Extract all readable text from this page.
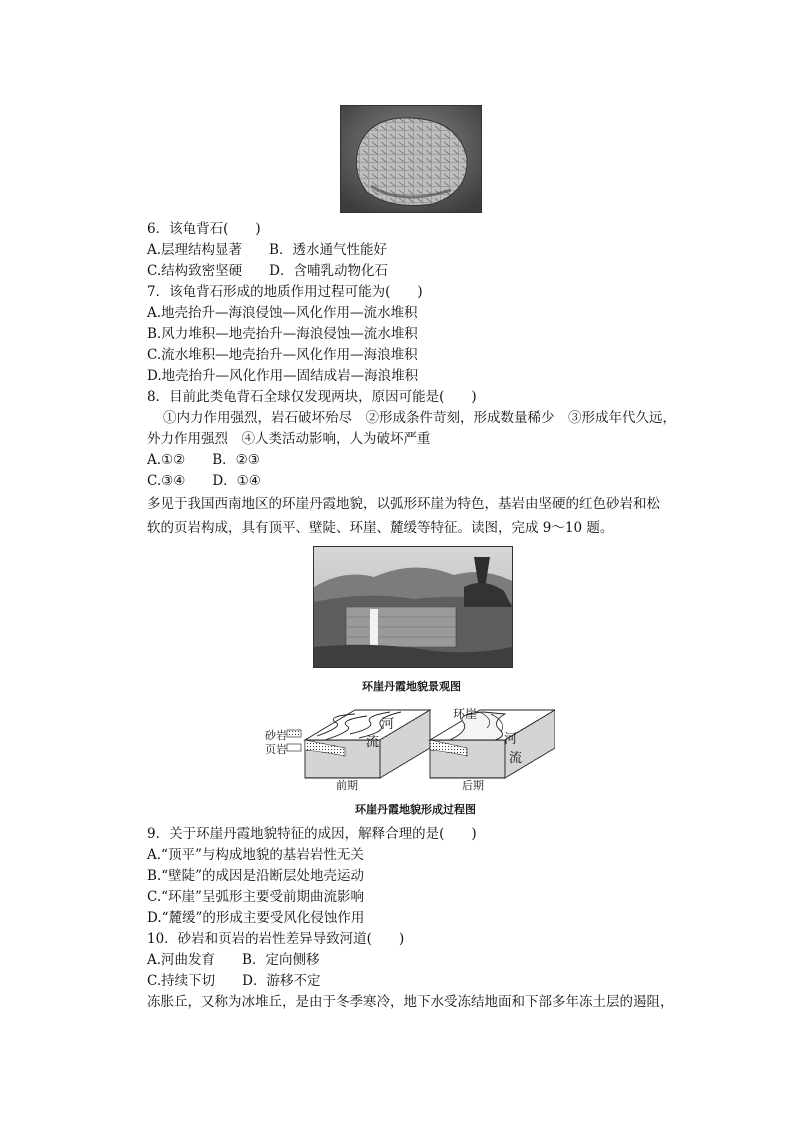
6．该龟背石(　　)
A.层理结构显著　　B．透水通气性能好
C.结构致密坚硬　　D．含哺乳动物化石
7．该龟背石形成的地质作用过程可能为(　　)
A.地壳抬升—海浪侵蚀—风化作用—流水堆积
B.风力堆积—地壳抬升—海浪侵蚀—流水堆积
C.流水堆积—地壳抬升—风化作用—海浪堆积
D.地壳抬升—风化作用—固结成岩—海浪堆积
8．目前此类龟背石全球仅发现两块，原因可能是(　　)
①内力作用强烈，岩石破坏殆尽　②形成条件苛刻，形成数量稀少　③形成年代久远，
外力作用强烈　④人类活动影响，人为破坏严重
A.①②　　B．②③
C.③④　　D．①④
多见于我国西南地区的环崖丹霞地貌，以弧形环崖为特色，基岩由坚硬的红色砂岩和松
软的页岩构成，具有顶平、壁陡、环崖、麓缓等特征。读图，完成 9～10 题。
环崖丹霞地貌景观图
砂岩
页岩
河
流
前期
环崖
河
流
后期
环崖丹霞地貌形成过程图
9．关于环崖丹霞地貌特征的成因，解释合理的是(　　)
A.“顶平”与构成地貌的基岩岩性无关
B.“壁陡”的成因是沿断层处地壳运动
C.“环崖”呈弧形主要受前期曲流影响
D.“麓缓”的形成主要受风化侵蚀作用
10．砂岩和页岩的岩性差异导致河道(　　)
A.河曲发育　　B．定向侧移
C.持续下切　　D．游移不定
冻胀丘，又称为冰堆丘，是由于冬季寒冷，地下水受冻结地面和下部多年冻土层的遏阻，
